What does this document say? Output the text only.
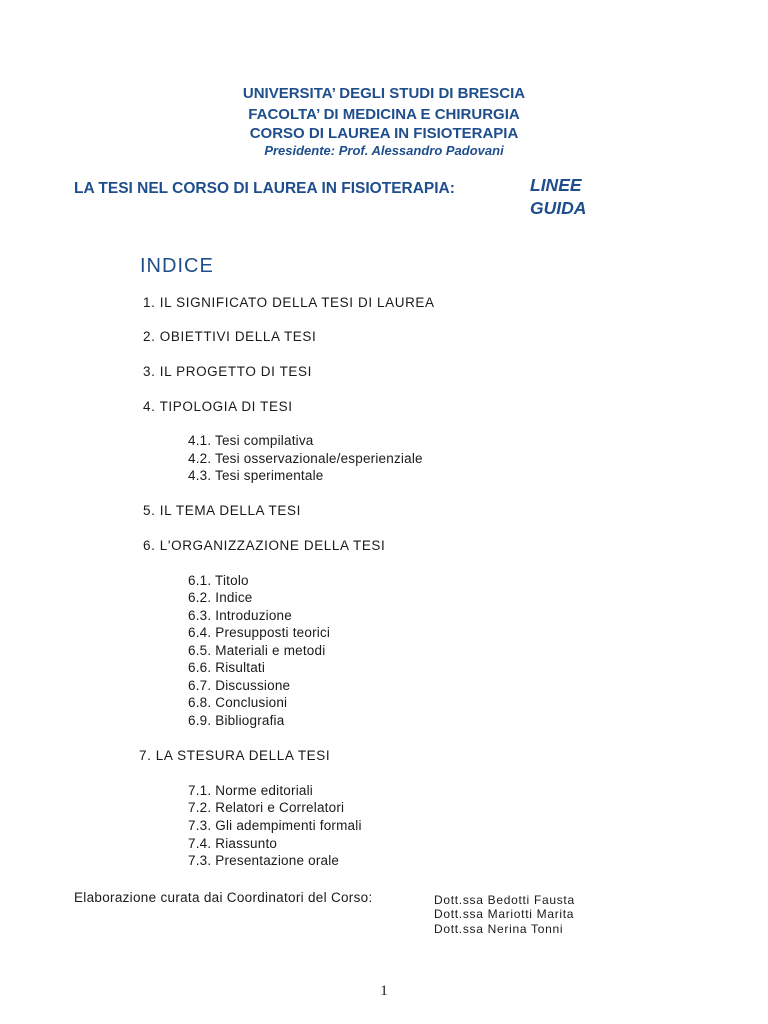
UNIVERSITA’ DEGLI STUDI DI BRESCIA
FACOLTA’ DI MEDICINA E CHIRURGIA
CORSO DI LAUREA IN FISIOTERAPIA
Presidente: Prof. Alessandro Padovani
LA TESI NEL CORSO DI LAUREA IN FISIOTERAPIA:	LINEE
GUIDA
INDICE
1. IL SIGNIFICATO DELLA TESI DI LAUREA
2. OBIETTIVI DELLA TESI
3. IL PROGETTO DI TESI
4. TIPOLOGIA DI TESI
4.1. Tesi compilativa
4.2. Tesi osservazionale/esperienziale
4.3. Tesi sperimentale
5. IL TEMA DELLA TESI
6. L'ORGANIZZAZIONE DELLA TESI
6.1. Titolo
6.2. Indice
6.3. Introduzione
6.4. Presupposti teorici
6.5. Materiali e metodi
6.6. Risultati
6.7. Discussione
6.8. Conclusioni
6.9. Bibliografia
7. LA STESURA DELLA TESI
7.1. Norme editoriali
7.2. Relatori e Correlatori
7.3. Gli adempimenti formali
7.4. Riassunto
7.3. Presentazione orale
Elaborazione curata dai Coordinatori del Corso:	Dott.ssa Bedotti Fausta
Dott.ssa Mariotti Marita
Dott.ssa Nerina Tonni
1
